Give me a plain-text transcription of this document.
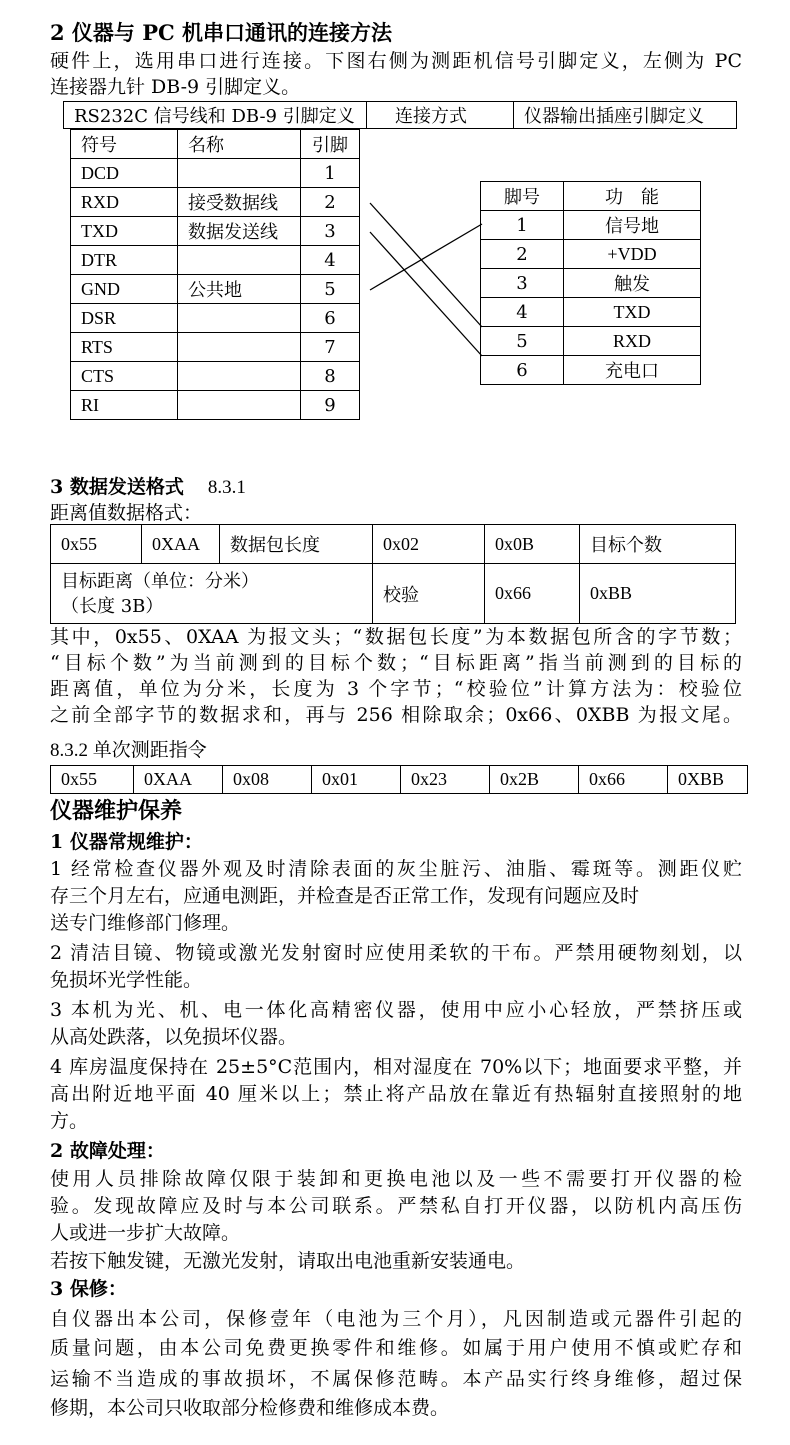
2 仪器与 PC 机串口通讯的连接方法
硬件上，选用串口进行连接。下图右侧为测距机信号引脚定义，左侧为 PC
连接器九针 DB-9 引脚定义。
RS232C 信号线和 DB-9 引脚定义	连接方式	仪器输出插座引脚定义
符号	名称	引脚
DCD		1
RXD	接受数据线	2
TXD	数据发送线	3
DTR		4
GND	公共地	5
DSR		6
RTS		7
CTS		8
RI		9
脚号	功　能
1	信号地
2	+VDD
3	触发
4	TXD
5	RXD
6	充电口
3 数据发送格式 8.3.1
距离值数据格式：
0x55	0XAA	数据包长度	0x02	0x0B	目标个数

目标距离（单位：分米）
（长度 3B）			校验	0x66	0xBB
其中，0x55、0XAA 为报文头；“数据包长度”为本数据包所含的字节数；
“目标个数”为当前测到的目标个数；“目标距离”指当前测到的目标的
距离值，单位为分米，长度为 3 个字节；“校验位”计算方法为：校验位
之前全部字节的数据求和，再与 256 相除取余；0x66、0XBB 为报文尾。
8.3.2 单次测距指令
0x55	0XAA	0x08	0x01	0x23	0x2B	0x66	0XBB
仪器维护保养
1 仪器常规维护：
1 经常检查仪器外观及时清除表面的灰尘脏污、油脂、霉斑等。测距仪贮
存三个月左右，应通电测距，并检查是否正常工作，发现有问题应及时
送专门维修部门修理。
2 清洁目镜、物镜或激光发射窗时应使用柔软的干布。严禁用硬物刻划，以
免损坏光学性能。
3 本机为光、机、电一体化高精密仪器，使用中应小心轻放，严禁挤压或
从高处跌落，以免损坏仪器。
4 库房温度保持在 25±5°C范围内，相对湿度在 70%以下；地面要求平整，并
高出附近地平面 40 厘米以上；禁止将产品放在靠近有热辐射直接照射的地
方。
2 故障处理：
使用人员排除故障仅限于装卸和更换电池以及一些不需要打开仪器的检
验。发现故障应及时与本公司联系。严禁私自打开仪器，以防机内高压伤
人或进一步扩大故障。
若按下触发键，无激光发射，请取出电池重新安装通电。
3 保修：
自仪器出本公司，保修壹年（电池为三个月），凡因制造或元器件引起的
质量问题，由本公司免费更换零件和维修。如属于用户使用不慎或贮存和
运输不当造成的事故损坏，不属保修范畴。本产品实行终身维修，超过保
修期，本公司只收取部分检修费和维修成本费。
